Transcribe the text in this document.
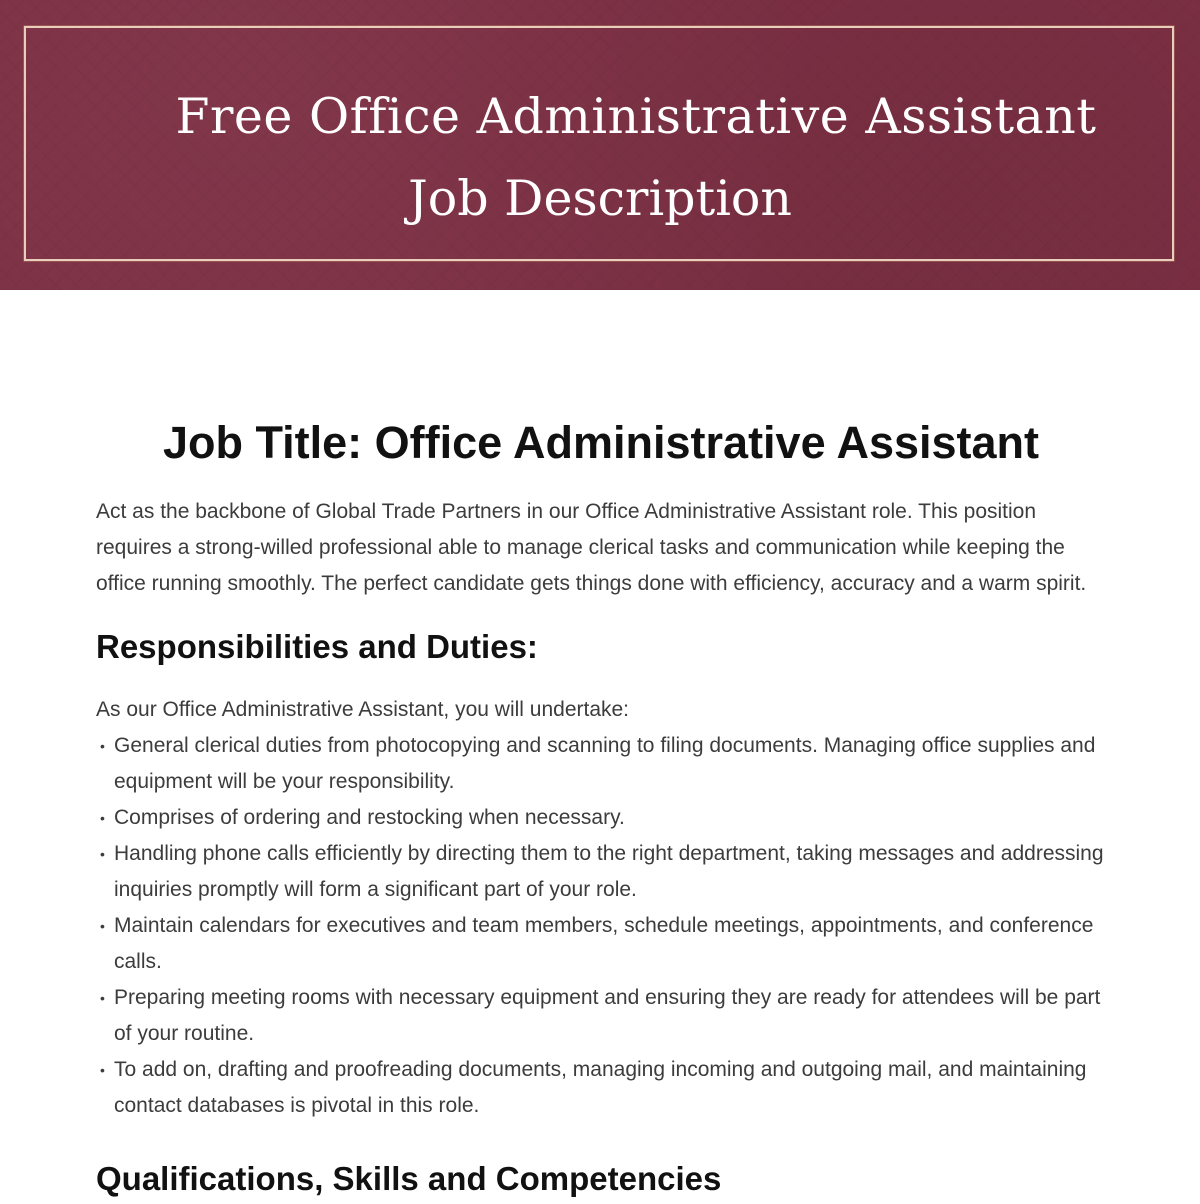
Free Office Administrative Assistant
Job Description
Job Title: Office Administrative Assistant

Act as the backbone of Global Trade Partners in our Office Administrative Assistant role. This position requires a strong-willed professional able to manage clerical tasks and communication while keeping the office running smoothly. The perfect candidate gets things done with efficiency, accuracy and a warm spirit.

Responsibilities and Duties:

As our Office Administrative Assistant, you will undertake:

• General clerical duties from photocopying and scanning to filing documents. Managing office supplies and equipment will be your responsibility.
• Comprises of ordering and restocking when necessary.
• Handling phone calls efficiently by directing them to the right department, taking messages and addressing inquiries promptly will form a significant part of your role.
• Maintain calendars for executives and team members, schedule meetings, appointments, and conference calls.
• Preparing meeting rooms with necessary equipment and ensuring they are ready for attendees will be part of your routine.
• To add on, drafting and proofreading documents, managing incoming and outgoing mail, and maintaining contact databases is pivotal in this role.
Qualifications, Skills and Competencies
